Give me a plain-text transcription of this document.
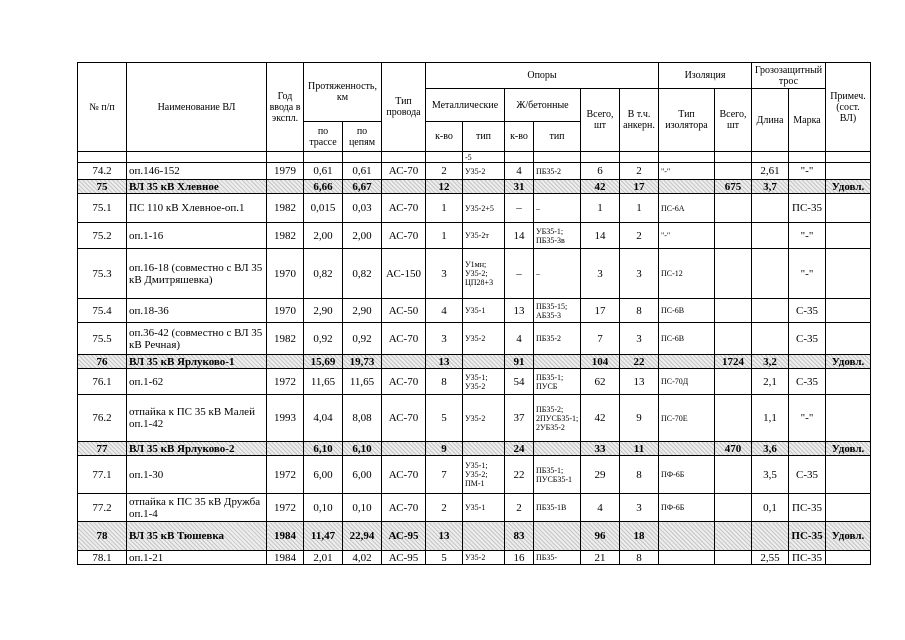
№ п/п	Наименование ВЛ	Год ввода в экспл.	Протяженность, км		Тип провода	Опоры						Изоляция		Грозозащитный трос		Примеч. (сост. ВЛ)
						Металлические		Ж/бетонные		Всего, шт	В т.ч. анкерн.	Тип изолятора	Всего, шт	Длина	Марка	
			по трассе	по цепям		к-во	тип	к-во	тип							
							-5									
74.2	оп.146-152	1979	0,61	0,61	АС-70	2	У35-2	4	ПБ35-2	6	2	"-"		2,61	"-"	
75	ВЛ 35 кВ Хлевное		6,66	6,67		12		31		42	17		675	3,7		Удовл.
75.1	ПС 110 кВ Хлевное-оп.1	1982	0,015	0,03	АС-70	1	У35-2+5	–	–	1	1	ПС-6А			ПС-35	
75.2	оп.1-16	1982	2,00	2,00	АС-70	1	У35-2т	14	УБ35-1; ПБ35-3в	14	2	"-"			"-"	
75.3	оп.16-18 (совместно с ВЛ 35 кВ Дмитряшевка)	1970	0,82	0,82	АС-150	3	У1мн; У35-2; ЦП28+3	–	–	3	3	ПС-12			"-"	
75.4	оп.18-36	1970	2,90	2,90	АС-50	4	У35-1	13	ПБ35-15; АБ35-3	17	8	ПС-6В			С-35	
75.5	оп.36-42 (совместно с ВЛ 35 кВ Речная)	1982	0,92	0,92	АС-70	3	У35-2	4	ПБ35-2	7	3	ПС-6В			С-35	
76	ВЛ 35 кВ Ярлуково-1		15,69	19,73		13		91		104	22		1724	3,2		Удовл.
76.1	оп.1-62	1972	11,65	11,65	АС-70	8	У35-1; У35-2	54	ПБ35-1; ПУСБ	62	13	ПС-70Д		2,1	С-35	
76.2	отпайка к ПС 35 кВ Малей оп.1-42	1993	4,04	8,08	АС-70	5	У35-2	37	ПБ35-2; 2ПУСБ35-1; 2УБ35-2	42	9	ПС-70Е		1,1	"-"	
77	ВЛ 35 кВ Ярлуково-2		6,10	6,10		9		24		33	11		470	3,6		Удовл.
77.1	оп.1-30	1972	6,00	6,00	АС-70	7	У35-1; У35-2; ПМ-1	22	ПБ35-1; ПУСБ35-1	29	8	ПФ-6Б		3,5	С-35	
77.2	отпайка к ПС 35 кВ Дружба оп.1-4	1972	0,10	0,10	АС-70	2	У35-1	2	ПБ35-1В	4	3	ПФ-6Б		0,1	ПС-35	
78	ВЛ 35 кВ Тюшевка	1984	11,47	22,94	АС-95	13		83		96	18				ПС-35	Удовл.
78.1	оп.1-21	1984	2,01	4,02	АС-95	5	У35-2	16	ПБ35-	21	8			2,55	ПС-35	
